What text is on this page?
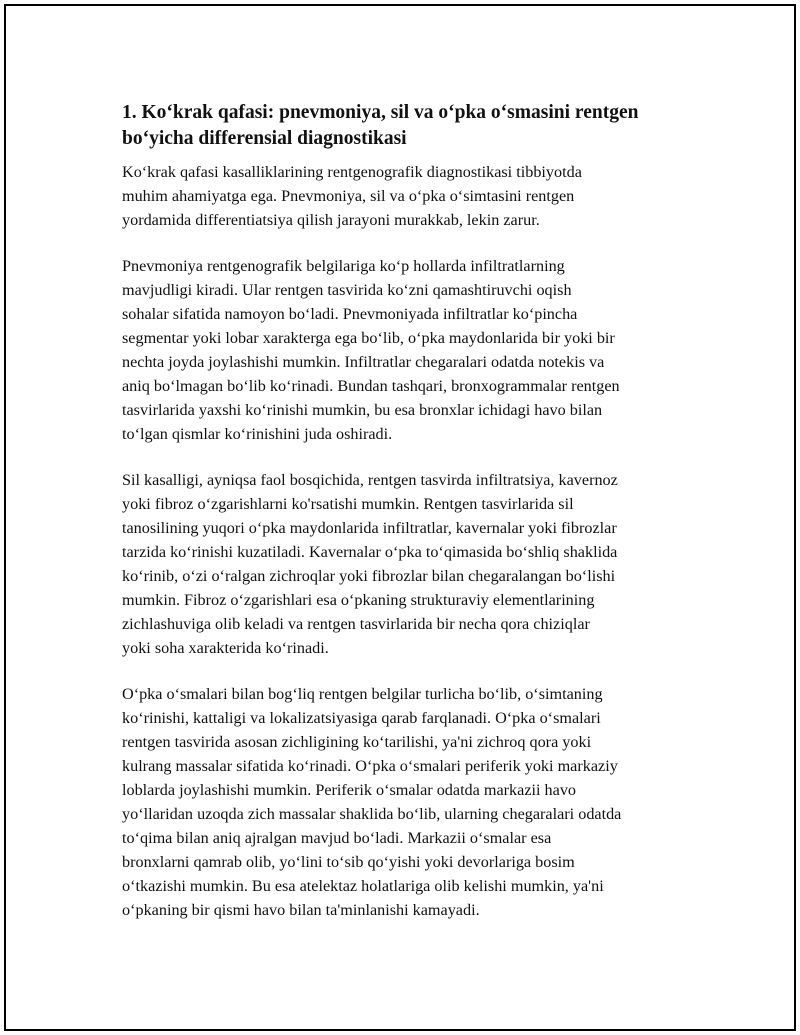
1. Ko‘krak qafasi: pnevmoniya, sil va o‘pka o‘smasini rentgen
bo‘yicha differensial diagnostikasi

Ko‘krak qafasi kasalliklarining rentgenografik diagnostikasi tibbiyotda
muhim ahamiyatga ega. Pnevmoniya, sil va o‘pka o‘simtasini rentgen
yordamida differentiatsiya qilish jarayoni murakkab, lekin zarur.

Pnevmoniya rentgenografik belgilariga ko‘p hollarda infiltratlarning
mavjudligi kiradi. Ular rentgen tasvirida ko‘zni qamashtiruvchi oqish
sohalar sifatida namoyon bo‘ladi. Pnevmoniyada infiltratlar ko‘pincha
segmentar yoki lobar xarakterga ega bo‘lib, o‘pka maydonlarida bir yoki bir
nechta joyda joylashishi mumkin. Infiltratlar chegaralari odatda notekis va
aniq bo‘lmagan bo‘lib ko‘rinadi. Bundan tashqari, bronxogrammalar rentgen
tasvirlarida yaxshi ko‘rinishi mumkin, bu esa bronxlar ichidagi havo bilan
to‘lgan qismlar ko‘rinishini juda oshiradi.

Sil kasalligi, ayniqsa faol bosqichida, rentgen tasvirda infiltratsiya, kavernoz
yoki fibroz o‘zgarishlarni ko'rsatishi mumkin. Rentgen tasvirlarida sil
tanosilining yuqori o‘pka maydonlarida infiltratlar, kavernalar yoki fibrozlar
tarzida ko‘rinishi kuzatiladi. Kavernalar o‘pka to‘qimasida bo‘shliq shaklida
ko‘rinib, o‘zi o‘ralgan zichroqlar yoki fibrozlar bilan chegaralangan bo‘lishi
mumkin. Fibroz o‘zgarishlari esa o‘pkaning strukturaviy elementlarining
zichlashuviga olib keladi va rentgen tasvirlarida bir necha qora chiziqlar
yoki soha xarakterida ko‘rinadi.

O‘pka o‘smalari bilan bog‘liq rentgen belgilar turlicha bo‘lib, o‘simtaning
ko‘rinishi, kattaligi va lokalizatsiyasiga qarab farqlanadi. O‘pka o‘smalari
rentgen tasvirida asosan zichligining ko‘tarilishi, ya'ni zichroq qora yoki
kulrang massalar sifatida ko‘rinadi. O‘pka o‘smalari periferik yoki markaziy
loblarda joylashishi mumkin. Periferik o‘smalar odatda markazii havo
yo‘llaridan uzoqda zich massalar shaklida bo‘lib, ularning chegaralari odatda
to‘qima bilan aniq ajralgan mavjud bo‘ladi. Markazii o‘smalar esa
bronxlarni qamrab olib, yo‘lini to‘sib qo‘yishi yoki devorlariga bosim
o‘tkazishi mumkin. Bu esa atelektaz holatlariga olib kelishi mumkin, ya'ni
o‘pkaning bir qismi havo bilan ta'minlanishi kamayadi.
